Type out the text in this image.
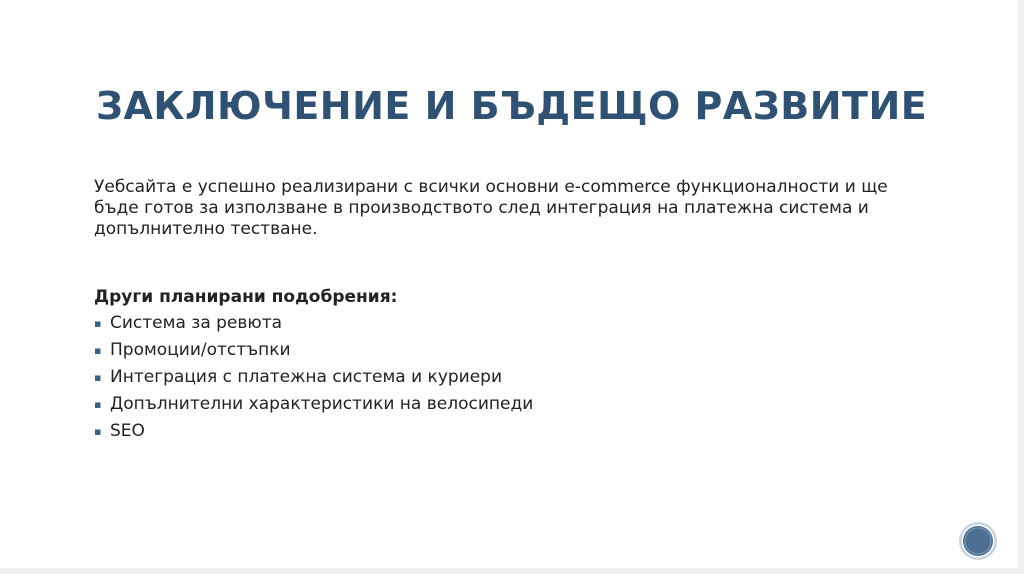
ЗАКЛЮЧЕНИЕ И БЪДЕЩО РАЗВИТИЕ

Уебсайта е успешно реализирани с всички основни e-commerce функционалности и ще бъде готов за използване в производството след интеграция на платежна система и допълнително тестване.

Други планирани подобрения:

▪ Система за ревюта
▪ Промоции/отстъпки
▪ Интеграция с платежна система и куриери
▪ Допълнителни характеристики на велосипеди
▪ SEO
